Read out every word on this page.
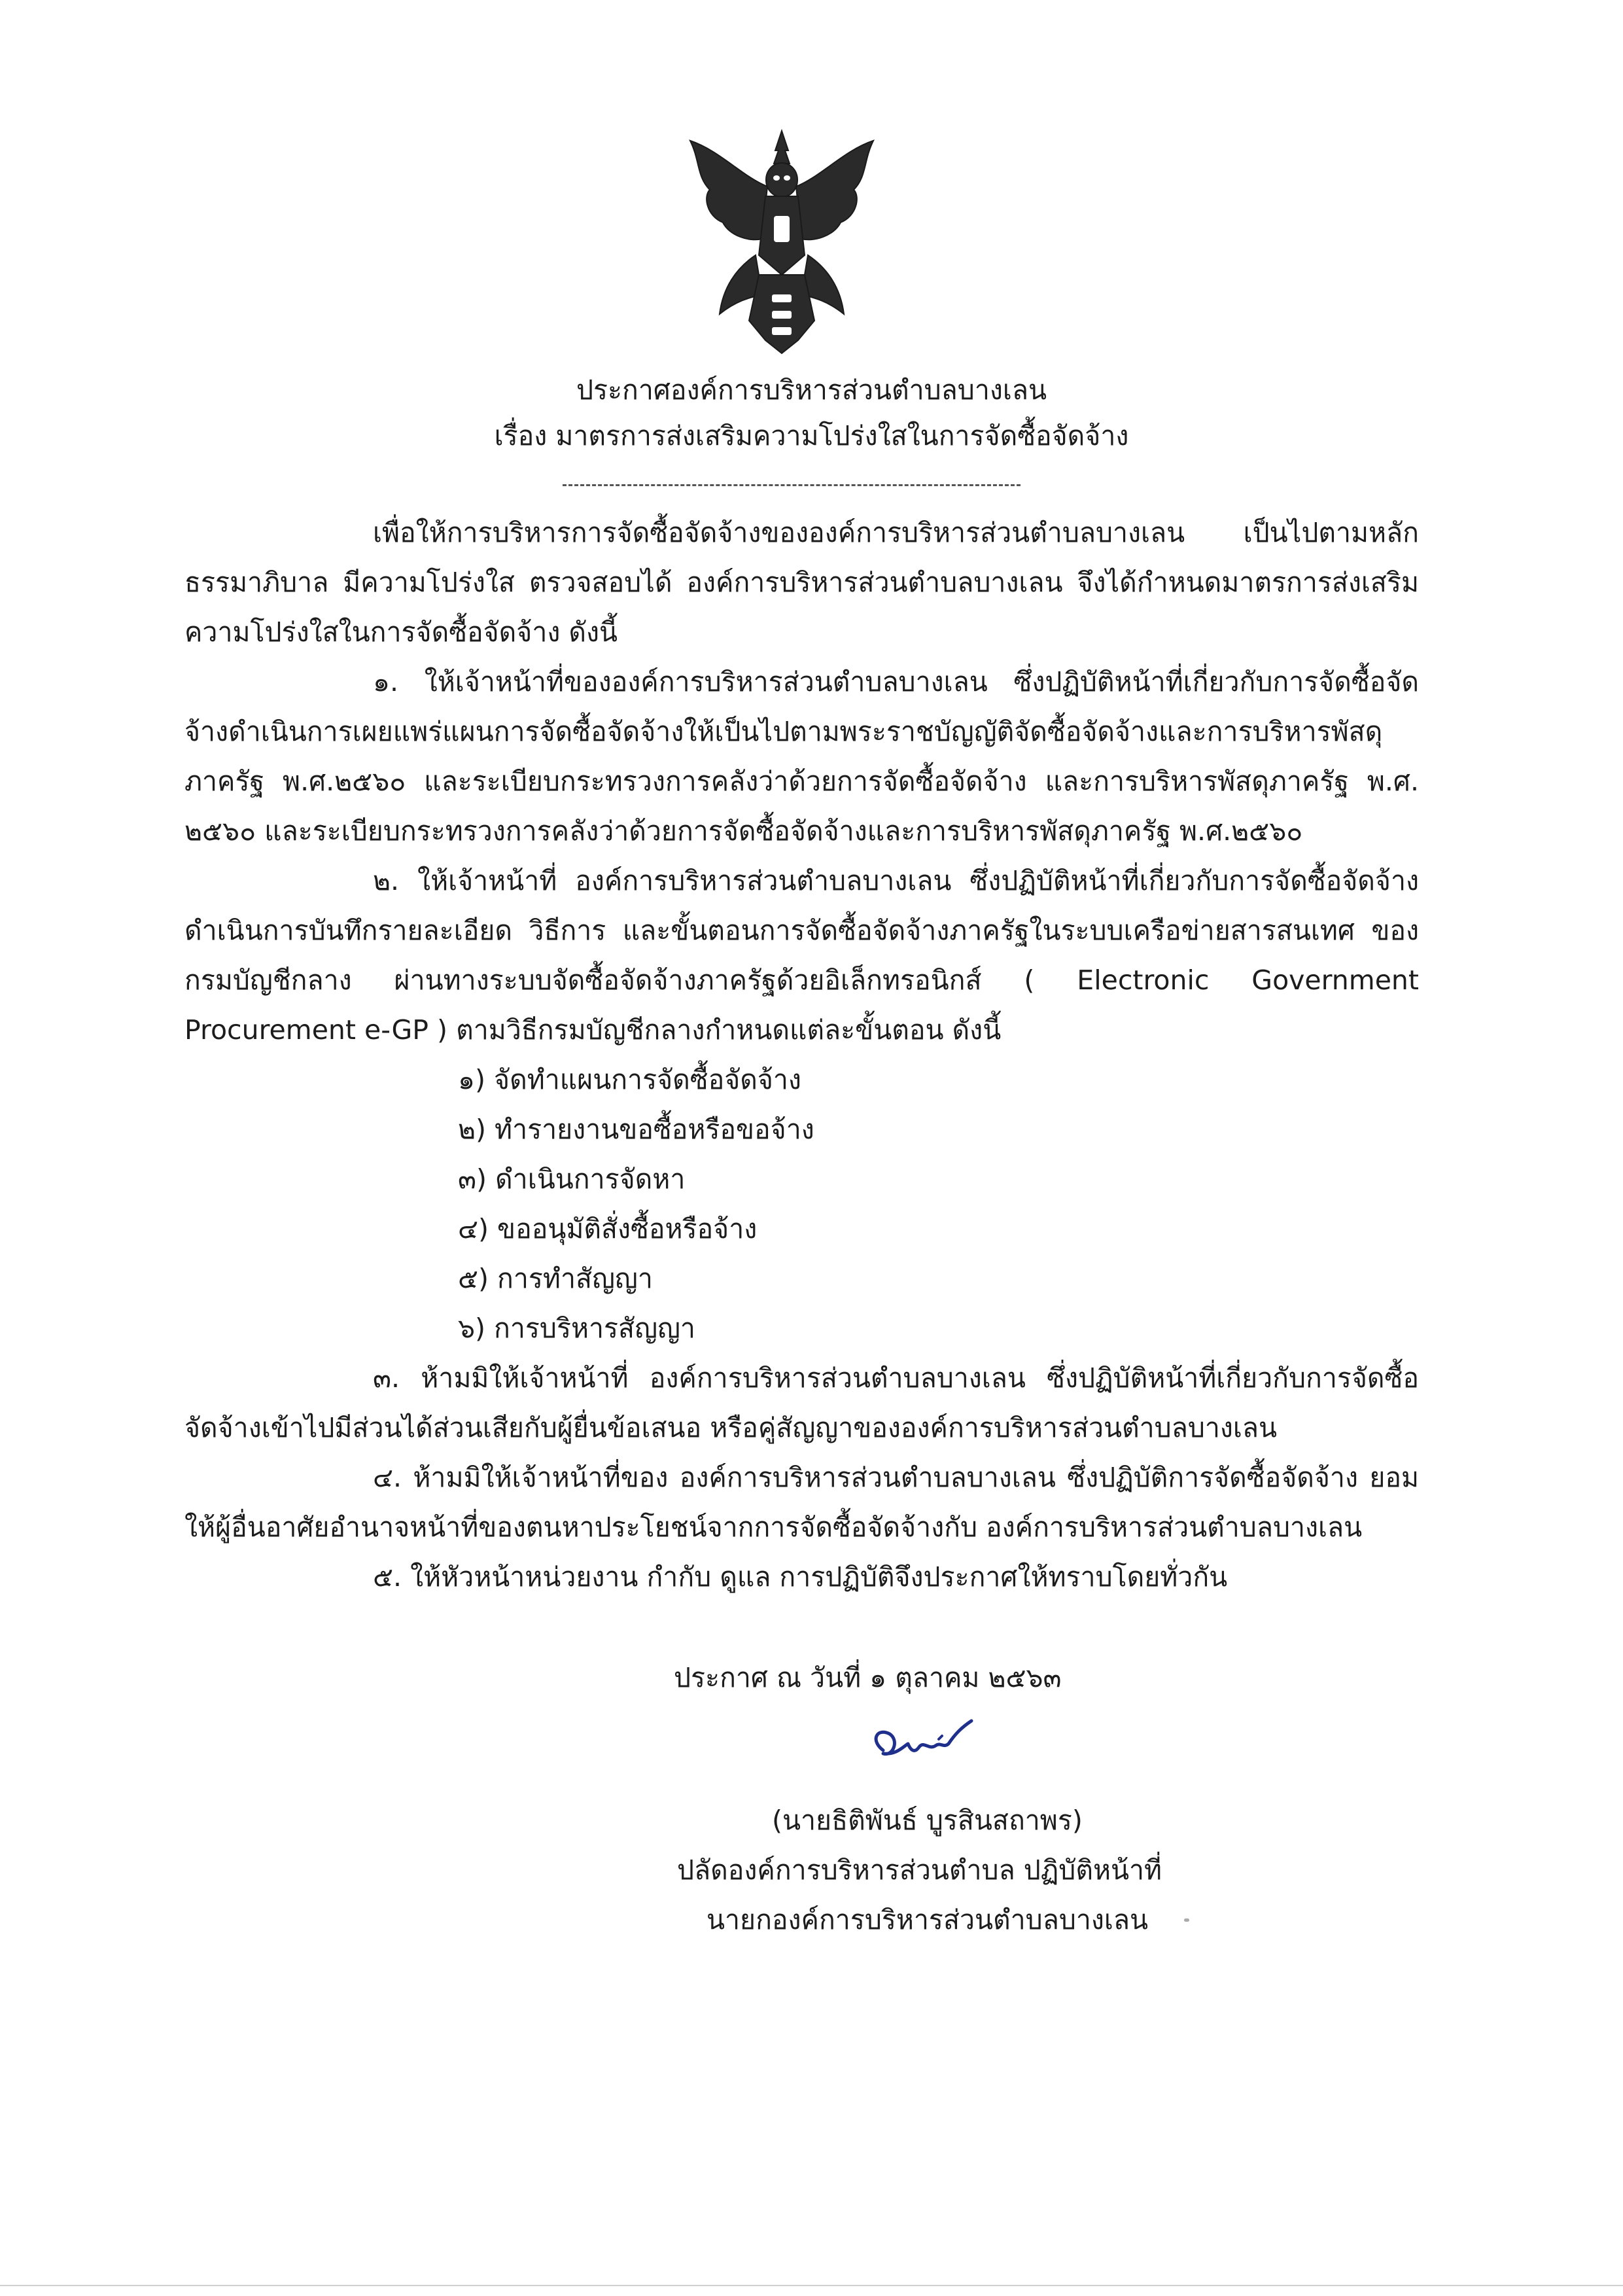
ประกาศองค์การบริหารส่วนตำบลบางเลน
เรื่อง มาตรการส่งเสริมความโปร่งใสในการจัดซื้อจัดจ้าง
เพื่อให้การบริหารการจัดซื้อจัดจ้างขององค์การบริหารส่วนตำบลบางเลน เป็นไปตามหลัก
ธรรมาภิบาล มีความโปร่งใส ตรวจสอบได้ องค์การบริหารส่วนตำบลบางเลน จึงได้กำหนดมาตรการส่งเสริม
ความโปร่งใสในการจัดซื้อจัดจ้าง ดังนี้
๑. ให้เจ้าหน้าที่ขององค์การบริหารส่วนตำบลบางเลน ซึ่งปฏิบัติหน้าที่เกี่ยวกับการจัดซื้อจัด
จ้างดำเนินการเผยแพร่แผนการจัดซื้อจัดจ้างให้เป็นไปตามพระราชบัญญัติจัดซื้อจัดจ้างและการบริหารพัสดุ
ภาครัฐ พ.ศ.๒๕๖๐ และระเบียบกระทรวงการคลังว่าด้วยการจัดซื้อจัดจ้าง และการบริหารพัสดุภาครัฐ พ.ศ.
๒๕๖๐ และระเบียบกระทรวงการคลังว่าด้วยการจัดซื้อจัดจ้างและการบริหารพัสดุภาครัฐ พ.ศ.๒๕๖๐
๒. ให้เจ้าหน้าที่ องค์การบริหารส่วนตำบลบางเลน ซึ่งปฏิบัติหน้าที่เกี่ยวกับการจัดซื้อจัดจ้าง
ดำเนินการบันทึกรายละเอียด วิธีการ และขั้นตอนการจัดซื้อจัดจ้างภาครัฐในระบบเครือข่ายสารสนเทศ ของ
กรมบัญชีกลาง ผ่านทางระบบจัดซื้อจัดจ้างภาครัฐด้วยอิเล็กทรอนิกส์ ( Electronic Government
Procurement e-GP ) ตามวิธีกรมบัญชีกลางกำหนดแต่ละขั้นตอน ดังนี้
๑) จัดทำแผนการจัดซื้อจัดจ้าง
๒) ทำรายงานขอซื้อหรือขอจ้าง
๓) ดำเนินการจัดหา
๔) ขออนุมัติสั่งซื้อหรือจ้าง
๕) การทำสัญญา
๖) การบริหารสัญญา
๓. ห้ามมิให้เจ้าหน้าที่ องค์การบริหารส่วนตำบลบางเลน ซึ่งปฏิบัติหน้าที่เกี่ยวกับการจัดซื้อ
จัดจ้างเข้าไปมีส่วนได้ส่วนเสียกับผู้ยื่นข้อเสนอ หรือคู่สัญญาขององค์การบริหารส่วนตำบลบางเลน
๔. ห้ามมิให้เจ้าหน้าที่ของ องค์การบริหารส่วนตำบลบางเลน ซึ่งปฏิบัติการจัดซื้อจัดจ้าง ยอม
ให้ผู้อื่นอาศัยอำนาจหน้าที่ของตนหาประโยชน์จากการจัดซื้อจัดจ้างกับ องค์การบริหารส่วนตำบลบางเลน
๕. ให้หัวหน้าหน่วยงาน กำกับ ดูแล การปฏิบัติจึงประกาศให้ทราบโดยทั่วกัน
ประกาศ ณ วันที่ ๑ ตุลาคม ๒๕๖๓
(นายธิติพันธ์ บูรสินสถาพร)
ปลัดองค์การบริหารส่วนตำบล ปฏิบัติหน้าที่
นายกองค์การบริหารส่วนตำบลบางเลน
